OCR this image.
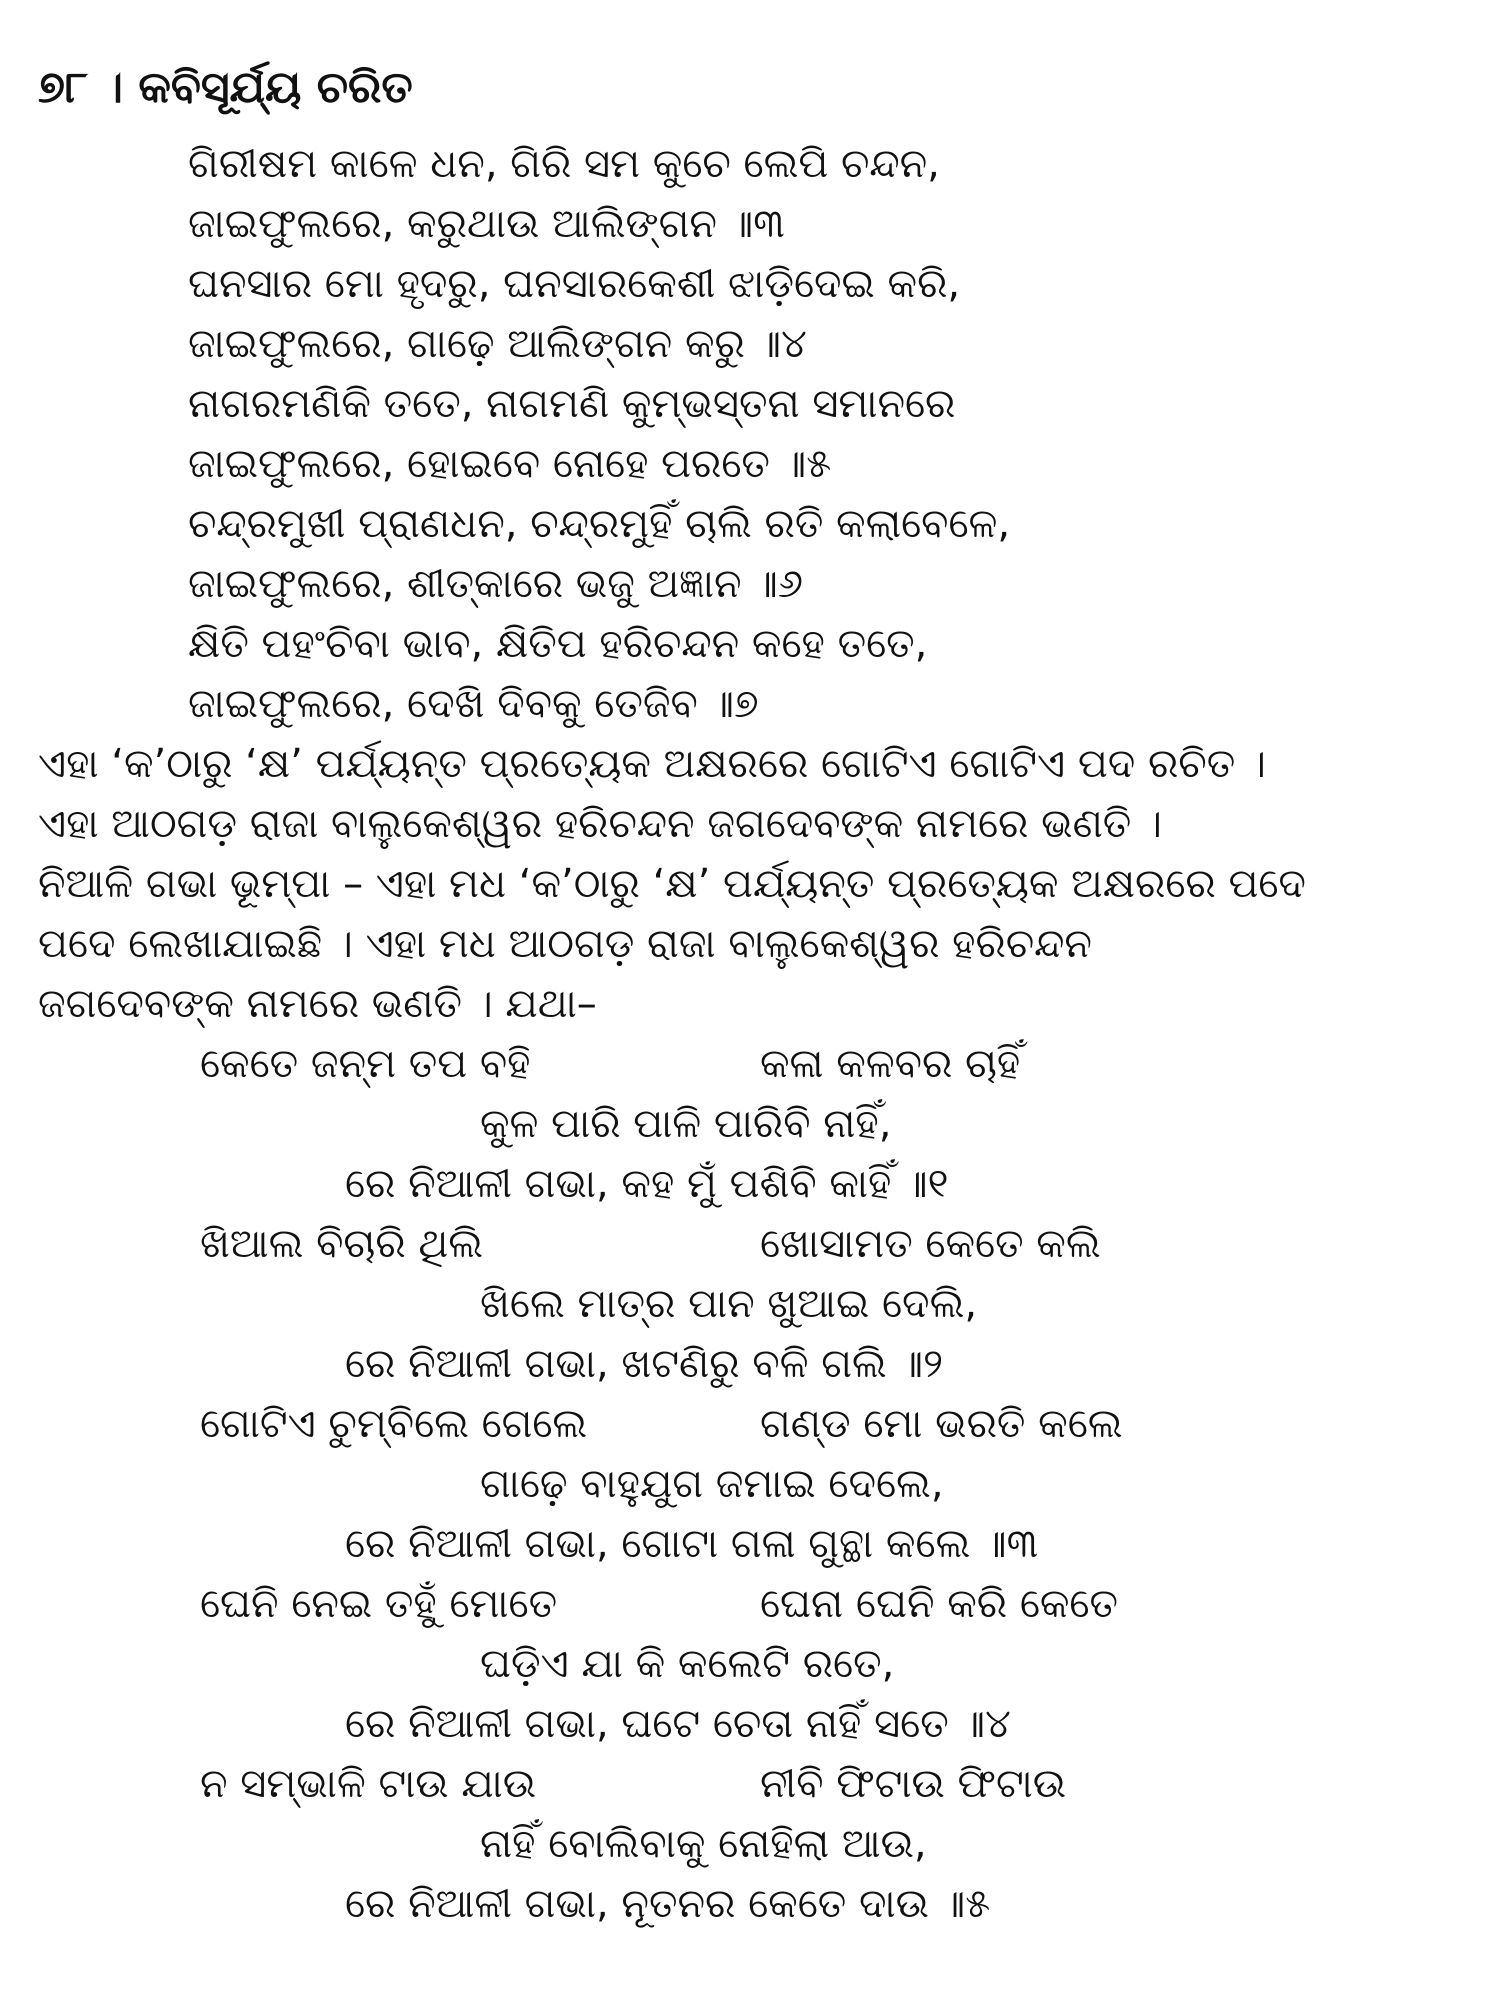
୭୮ । କବିସୂର୍ଯ୍ୟ ଚରିତ
ଗିରୀଷମ କାଳେ ଧନ, ଗିରି ସମ କୁଚେ ଲେପି ଚନ୍ଦନ,
ଜାଇଫୁଲରେ, କରୁଥାଉ ଆଲିଙ୍ଗନ ॥୩
ଘନସାର ମୋ ହୃଦରୁ, ଘନସାରକେଶୀ ଝାଡ଼ିଦେଇ କରି,
ଜାଇଫୁଲରେ, ଗାଢ଼େ ଆଲିଙ୍ଗନ କରୁ ॥୪
ନାଗରମଣିକି ତତେ, ନାଗମଣି କୁମ୍ଭସ୍ତନା ସମାନରେ
ଜାଇଫୁଲରେ, ହୋଇବେ ନୋହେ ପରତେ ॥୫
ଚନ୍ଦ୍ରମୁଖୀ ପ୍ରାଣଧନ, ଚନ୍ଦ୍ରମୁହିଁ ଚାଲି ରତି କଲାବେଳେ,
ଜାଇଫୁଲରେ, ଶୀତ୍କାରେ ଭଜୁ ଅଜ୍ଞାନ ॥୬
କ୍ଷିତି ପହଂଚିବା ଭାବ, କ୍ଷିତିପ ହରିଚନ୍ଦନ କହେ ତତେ,
ଜାଇଫୁଲରେ, ଦେଖି ଦିବକୁ ତେଜିବ ॥୭
ଏହା ‘କ’ଠାରୁ ‘କ୍ଷ’ ପର୍ଯ୍ୟନ୍ତ ପ୍ରତ୍ୟେକ ଅକ୍ଷରରେ ଗୋଟିଏ ଗୋଟିଏ ପଦ ରଚିତ ।
ଏହା ଆଠଗଡ଼ ରାଜା ବାଲୁକେଶ୍ୱର ହରିଚନ୍ଦନ ଜଗଦେବଙ୍କ ନାମରେ ଭଣତି ।
ନିଆଳି ଗଭା ଭୂମ୍ପା – ଏହା ମଧ ‘କ’ଠାରୁ ‘କ୍ଷ’ ପର୍ଯ୍ୟନ୍ତ ପ୍ରତ୍ୟେକ ଅକ୍ଷରରେ ପଦେ
ପଦେ ଲେଖାଯାଇଛି । ଏହା ମଧ ଆଠଗଡ଼ ରାଜା ବାଲୁକେଶ୍ୱର ହରିଚନ୍ଦନ
ଜଗଦେବଙ୍କ ନାମରେ ଭଣତି । ଯଥା–
କେତେ ଜନ୍ମ ତପ ବହି	କଳା କଳବର ଚାହିଁ
କୁଳ ପାରି ପାଳି ପାରିବି ନାହିଁ,
ରେ ନିଆଳୀ ଗଭା, କହ ମୁଁ ପଶିବି କାହିଁ ॥୧
ଖିଆଲ ବିଚାରି ଥିଲି	ଖୋସାମତ କେତେ କଲି
ଖିଲେ ମାତ୍ର ପାନ ଖୁଆଇ ଦେଲି,
ରେ ନିଆଳୀ ଗଭା, ଖଟଣିରୁ ବଳି ଗଲି ॥୨
ଗୋଟିଏ ଚୁମ୍ବିଲେ ଗେଲେ	ଗଣ୍ଡ ମୋ ଭରତି କଲେ
ଗାଢ଼େ ବାହୁଯୁଗ ଜମାଇ ଦେଲେ,
ରେ ନିଆଳୀ ଗଭା, ଗୋଟା ଗଳା ଗୁନ୍ଥା କଲେ ॥୩
ଘେନି ନେଇ ତହୁଁ ମୋତେ	ଘେନା ଘେନି କରି କେତେ
ଘଡ଼ିଏ ଯା କି କଲେଟି ରତେ,
ରେ ନିଆଳୀ ଗଭା, ଘଟେ ଚେତା ନାହିଁ ସତେ ॥୪
ନ ସମ୍ଭାଳି ଟାଉ ଯାଉ	ନୀବି ଫିଟାଉ ଫିଟାଉ
ନାହିଁ ବୋଲିବାକୁ ନୋହିଲା ଆଉ,
ରେ ନିଆଳୀ ଗଭା, ନୂତନର କେତେ ଦାଉ ॥୫
